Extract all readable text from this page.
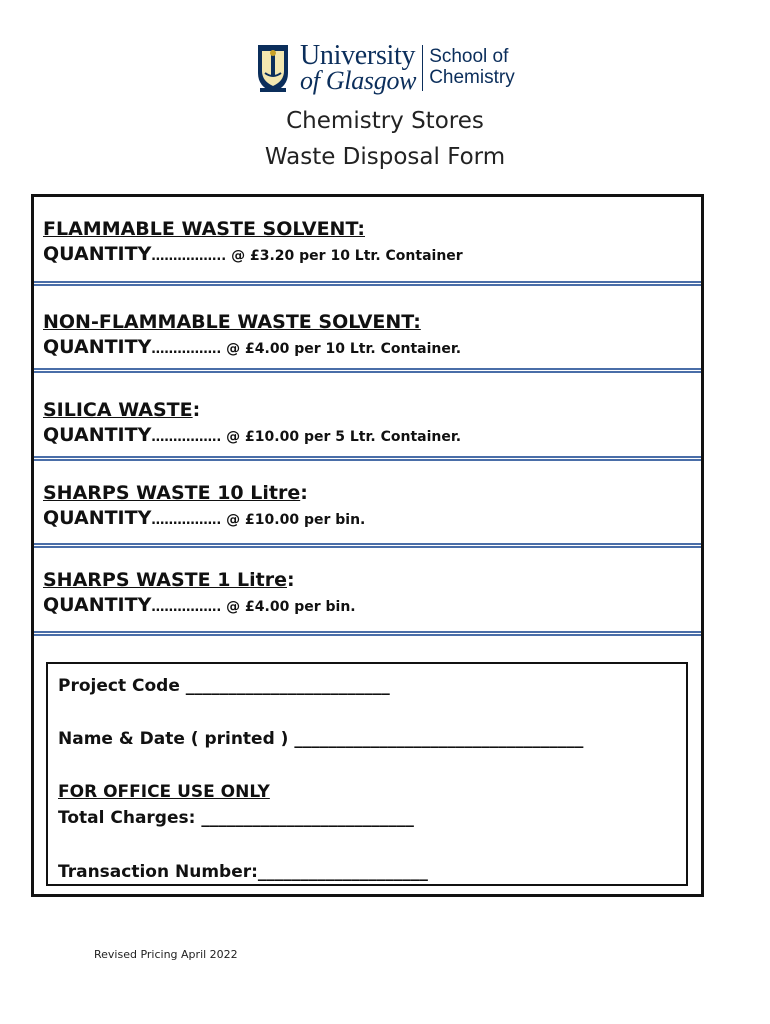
University
of Glasgow
School of
Chemistry
Chemistry Stores
Waste Disposal Form
FLAMMABLE WASTE SOLVENT:
QUANTITY…………….. @ £3.20 per 10 Ltr. Container
NON-FLAMMABLE WASTE SOLVENT:
QUANTITY……………. @ £4.00 per 10 Ltr. Container.
SILICA WASTE:
QUANTITY……………. @ £10.00 per 5 Ltr. Container.
SHARPS WASTE 10 Litre:
QUANTITY……………. @ £10.00 per bin.
SHARPS WASTE 1 Litre:
QUANTITY……………. @ £4.00 per bin.
Project Code ________________________
Name & Date ( printed ) __________________________________
FOR OFFICE USE ONLY
Total Charges: _________________________
Transaction Number:____________________
Revised Pricing April 2022
